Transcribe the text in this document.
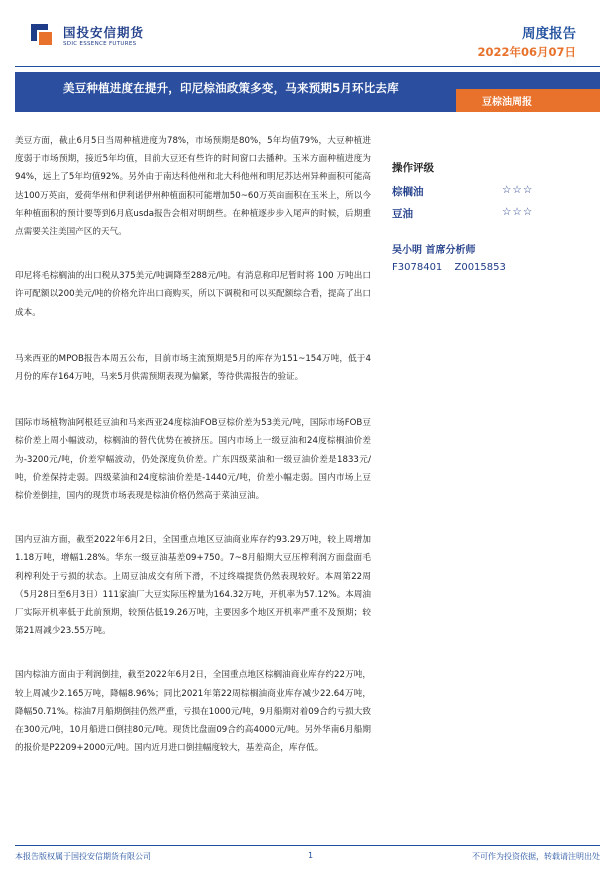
国投安信期货
SDIC ESSENCE FUTURES
周度报告
2022年06月07日
美豆种植进度在提升，印尼棕油政策多变，马来预期5月环比去库
豆棕油周报

美豆方面，截止6月5日当周种植进度为78%，市场预期是80%，5年均值79%，大豆种植进度弱于市场预期，接近5年均值，目前大豆还有些许的时间窗口去播种。玉米方面种植进度为94%，远上了5年均值92%。另外由于南达科他州和北大科他州和明尼苏达州异种面积可能高达100万英亩，爱荷华州和伊利诺伊州种植面积可能增加50~60万英亩面积在玉米上，所以今年种植面积的预计要等到6月底usda报告会相对明朗些。在种植逐步步入尾声的时候，后期重点需要关注美国产区的天气。

印尼将毛棕榈油的出口税从375美元/吨调降至288元/吨。有消息称印尼暂时将 100 万吨出口许可配额以200美元/吨的价格允许出口商购买，所以下调税和可以买配额综合看，提高了出口成本。

马来西亚的MPOB报告本周五公布，目前市场主流预期是5月的库存为151~154万吨，低于4月份的库存164万吨，马来5月供需预期表现为偏紧，等待供需报告的验证。

国际市场植物油阿根廷豆油和马来西亚24度棕油FOB豆棕价差为53美元/吨，国际市场FOB豆棕价差上周小幅波动，棕榈油的替代优势在被挤压。国内市场上一级豆油和24度棕榈油价差为-3200元/吨，价差窄幅波动，仍处深度负价差。广东四级菜油和一级豆油价差是1833元/吨，价差保持走弱。四级菜油和24度棕油价差是-1440元/吨，价差小幅走弱。国内市场上豆棕价差倒挂，国内的现货市场表现是棕油价格仍然高于菜油豆油。

国内豆油方面，截至2022年6月2日，全国重点地区豆油商业库存约93.29万吨，较上周增加1.18万吨，增幅1.28%。华东一级豆油基差09+750。7~8月船期大豆压榨利润方面盘面毛利榨利处于亏损的状态。上周豆油成交有所下滑，不过终端提货仍然表现较好。本周第22周（5月28日至6月3日）111家油厂大豆实际压榨量为164.32万吨，开机率为57.12%。本周油厂实际开机率低于此前预期，较预估低19.26万吨，主要因多个地区开机率严重不及预期；较第21周减少23.55万吨。

国内棕油方面由于利润倒挂，截至2022年6月2日，全国重点地区棕榈油商业库存约22万吨，较上周减少2.165万吨，降幅8.96%；同比2021年第22周棕榈油商业库存减少22.64万吨，降幅50.71%。棕油7月船期倒挂仍然严重，亏损在1000元/吨，9月船期对着09合约亏损大致在300元/吨，10月船进口倒挂80元/吨。现货比盘面09合约高4000元/吨。另外华南6月船期的报价是P2209+2000元/吨。国内近月进口倒挂幅度较大，基差高企，库存低。

操作评级
棕榈油	☆☆☆
豆油	☆☆☆
吴小明 首席分析师
F3078401 Z0015853
本报告版权属于国投安信期货有限公司	1	不可作为投资依据，转载请注明出处
